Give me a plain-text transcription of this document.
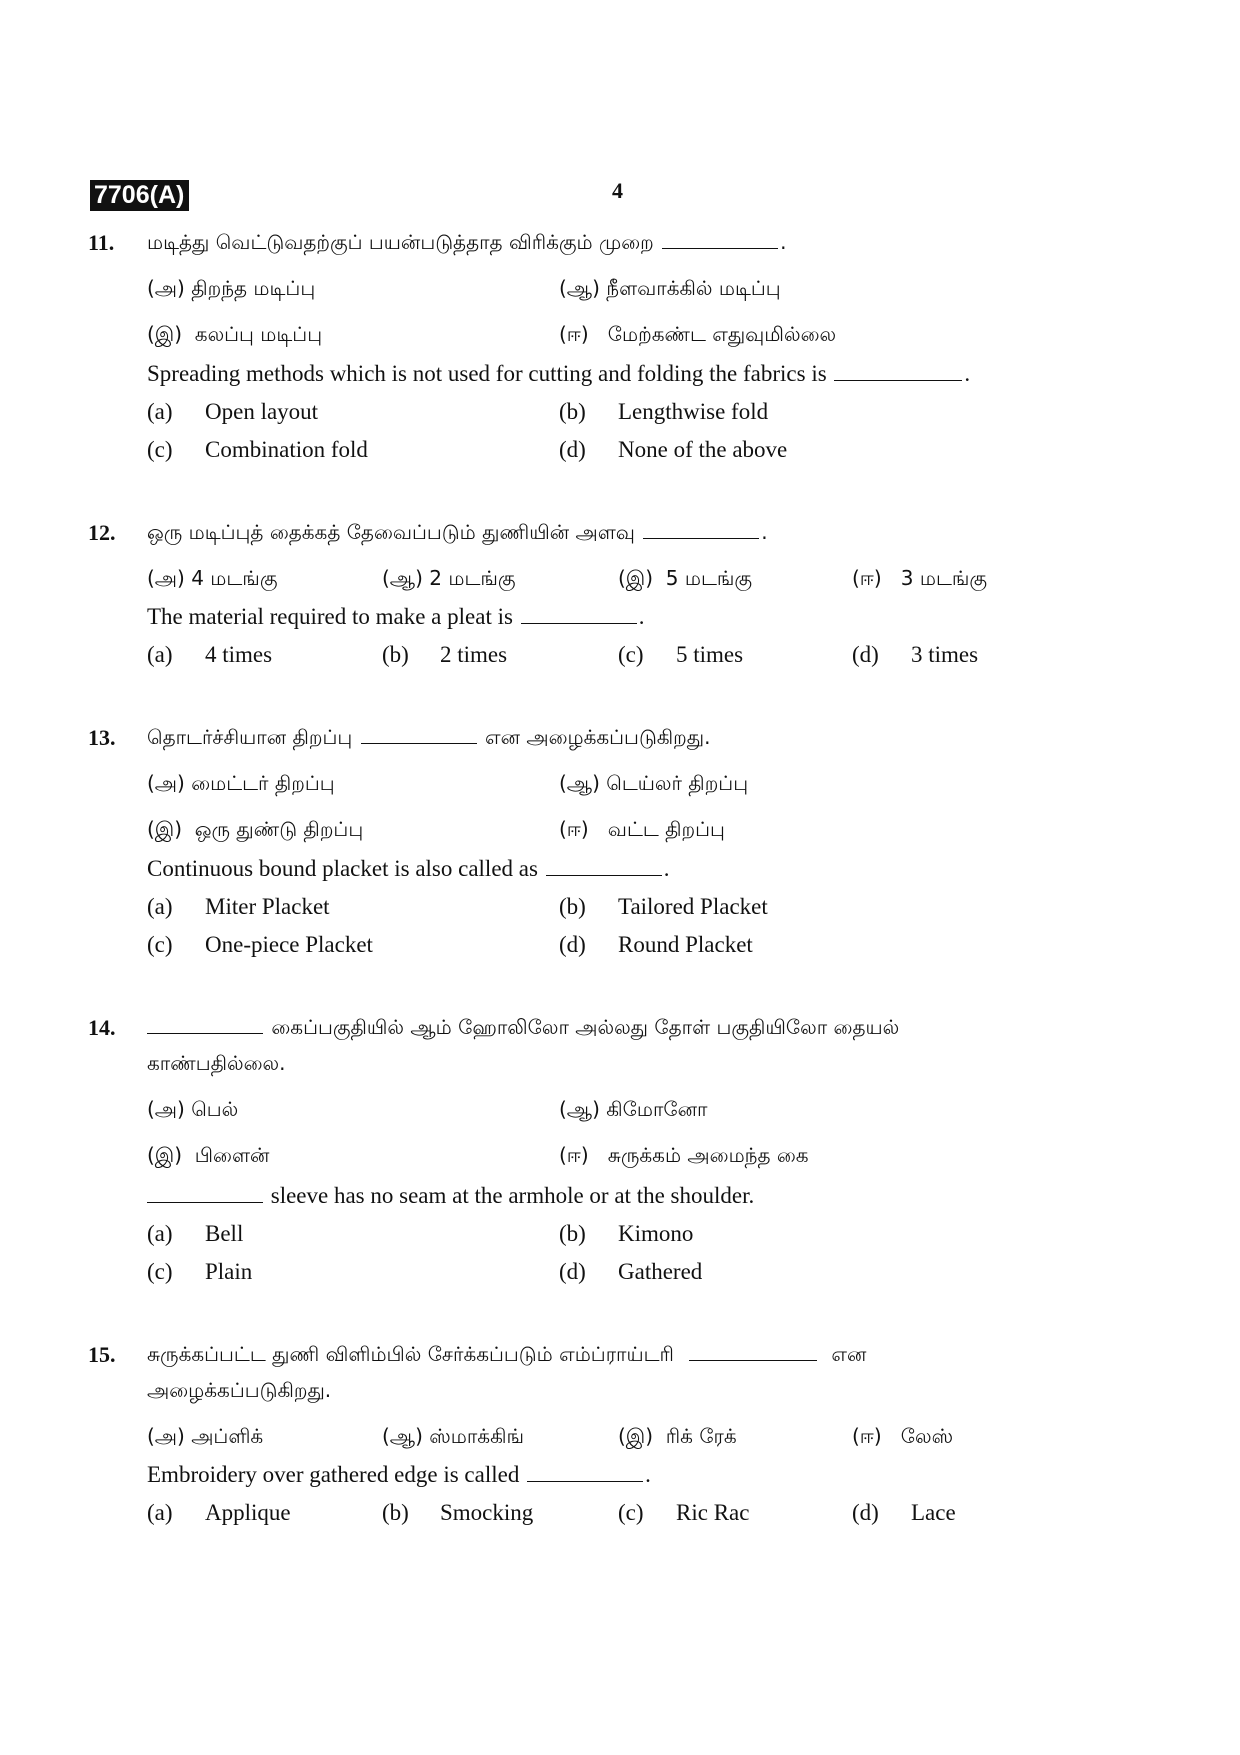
7706(A)	4
11. மடித்து வெட்டுவதற்குப் பயன்படுத்தாத விரிக்கும் முறை	.
(அ) திறந்த மடிப்பு	(ஆ) நீளவாக்கில் மடிப்பு
(இ) கலப்பு மடிப்பு	(ஈ) மேற்கண்ட எதுவுமில்லை
Spreading methods which is not used for cutting and folding the fabrics is	.
(a) Open layout	(b) Lengthwise fold
(c) Combination fold	(d) None of the above
12. ஒரு மடிப்புத் தைக்கத் தேவைப்படும் துணியின் அளவு	.
(அ) 4 மடங்கு	(ஆ) 2 மடங்கு	(இ) 5 மடங்கு	(ஈ) 3 மடங்கு
The material required to make a pleat is	.
(a) 4 times	(b) 2 times	(c) 5 times	(d) 3 times
13. தொடர்ச்சியான திறப்பு	என அழைக்கப்படுகிறது.
(அ) மைட்டர் திறப்பு	(ஆ) டெய்லர் திறப்பு
(இ) ஒரு துண்டு திறப்பு	(ஈ) வட்ட திறப்பு
Continuous bound placket is also called as	.
(a) Miter Placket	(b) Tailored Placket
(c) One-piece Placket	(d) Round Placket
14.	கைப்பகுதியில் ஆம் ஹோலிலோ அல்லது தோள் பகுதியிலோ தையல்
காண்பதில்லை.
(அ) பெல்	(ஆ) கிமோனோ
(இ) பிளைன்	(ஈ) சுருக்கம் அமைந்த கை
sleeve has no seam at the armhole or at the shoulder.
(a) Bell	(b) Kimono
(c) Plain	(d) Gathered
15. சுருக்கப்பட்ட துணி விளிம்பில் சேர்க்கப்படும் எம்ப்ராய்டரி	என
அழைக்கப்படுகிறது.
(அ) அப்ளிக்	(ஆ) ஸ்மாக்கிங்	(இ) ரிக் ரேக்	(ஈ) லேஸ்
Embroidery over gathered edge is called	.
(a) Applique	(b) Smocking	(c) Ric Rac	(d) Lace
